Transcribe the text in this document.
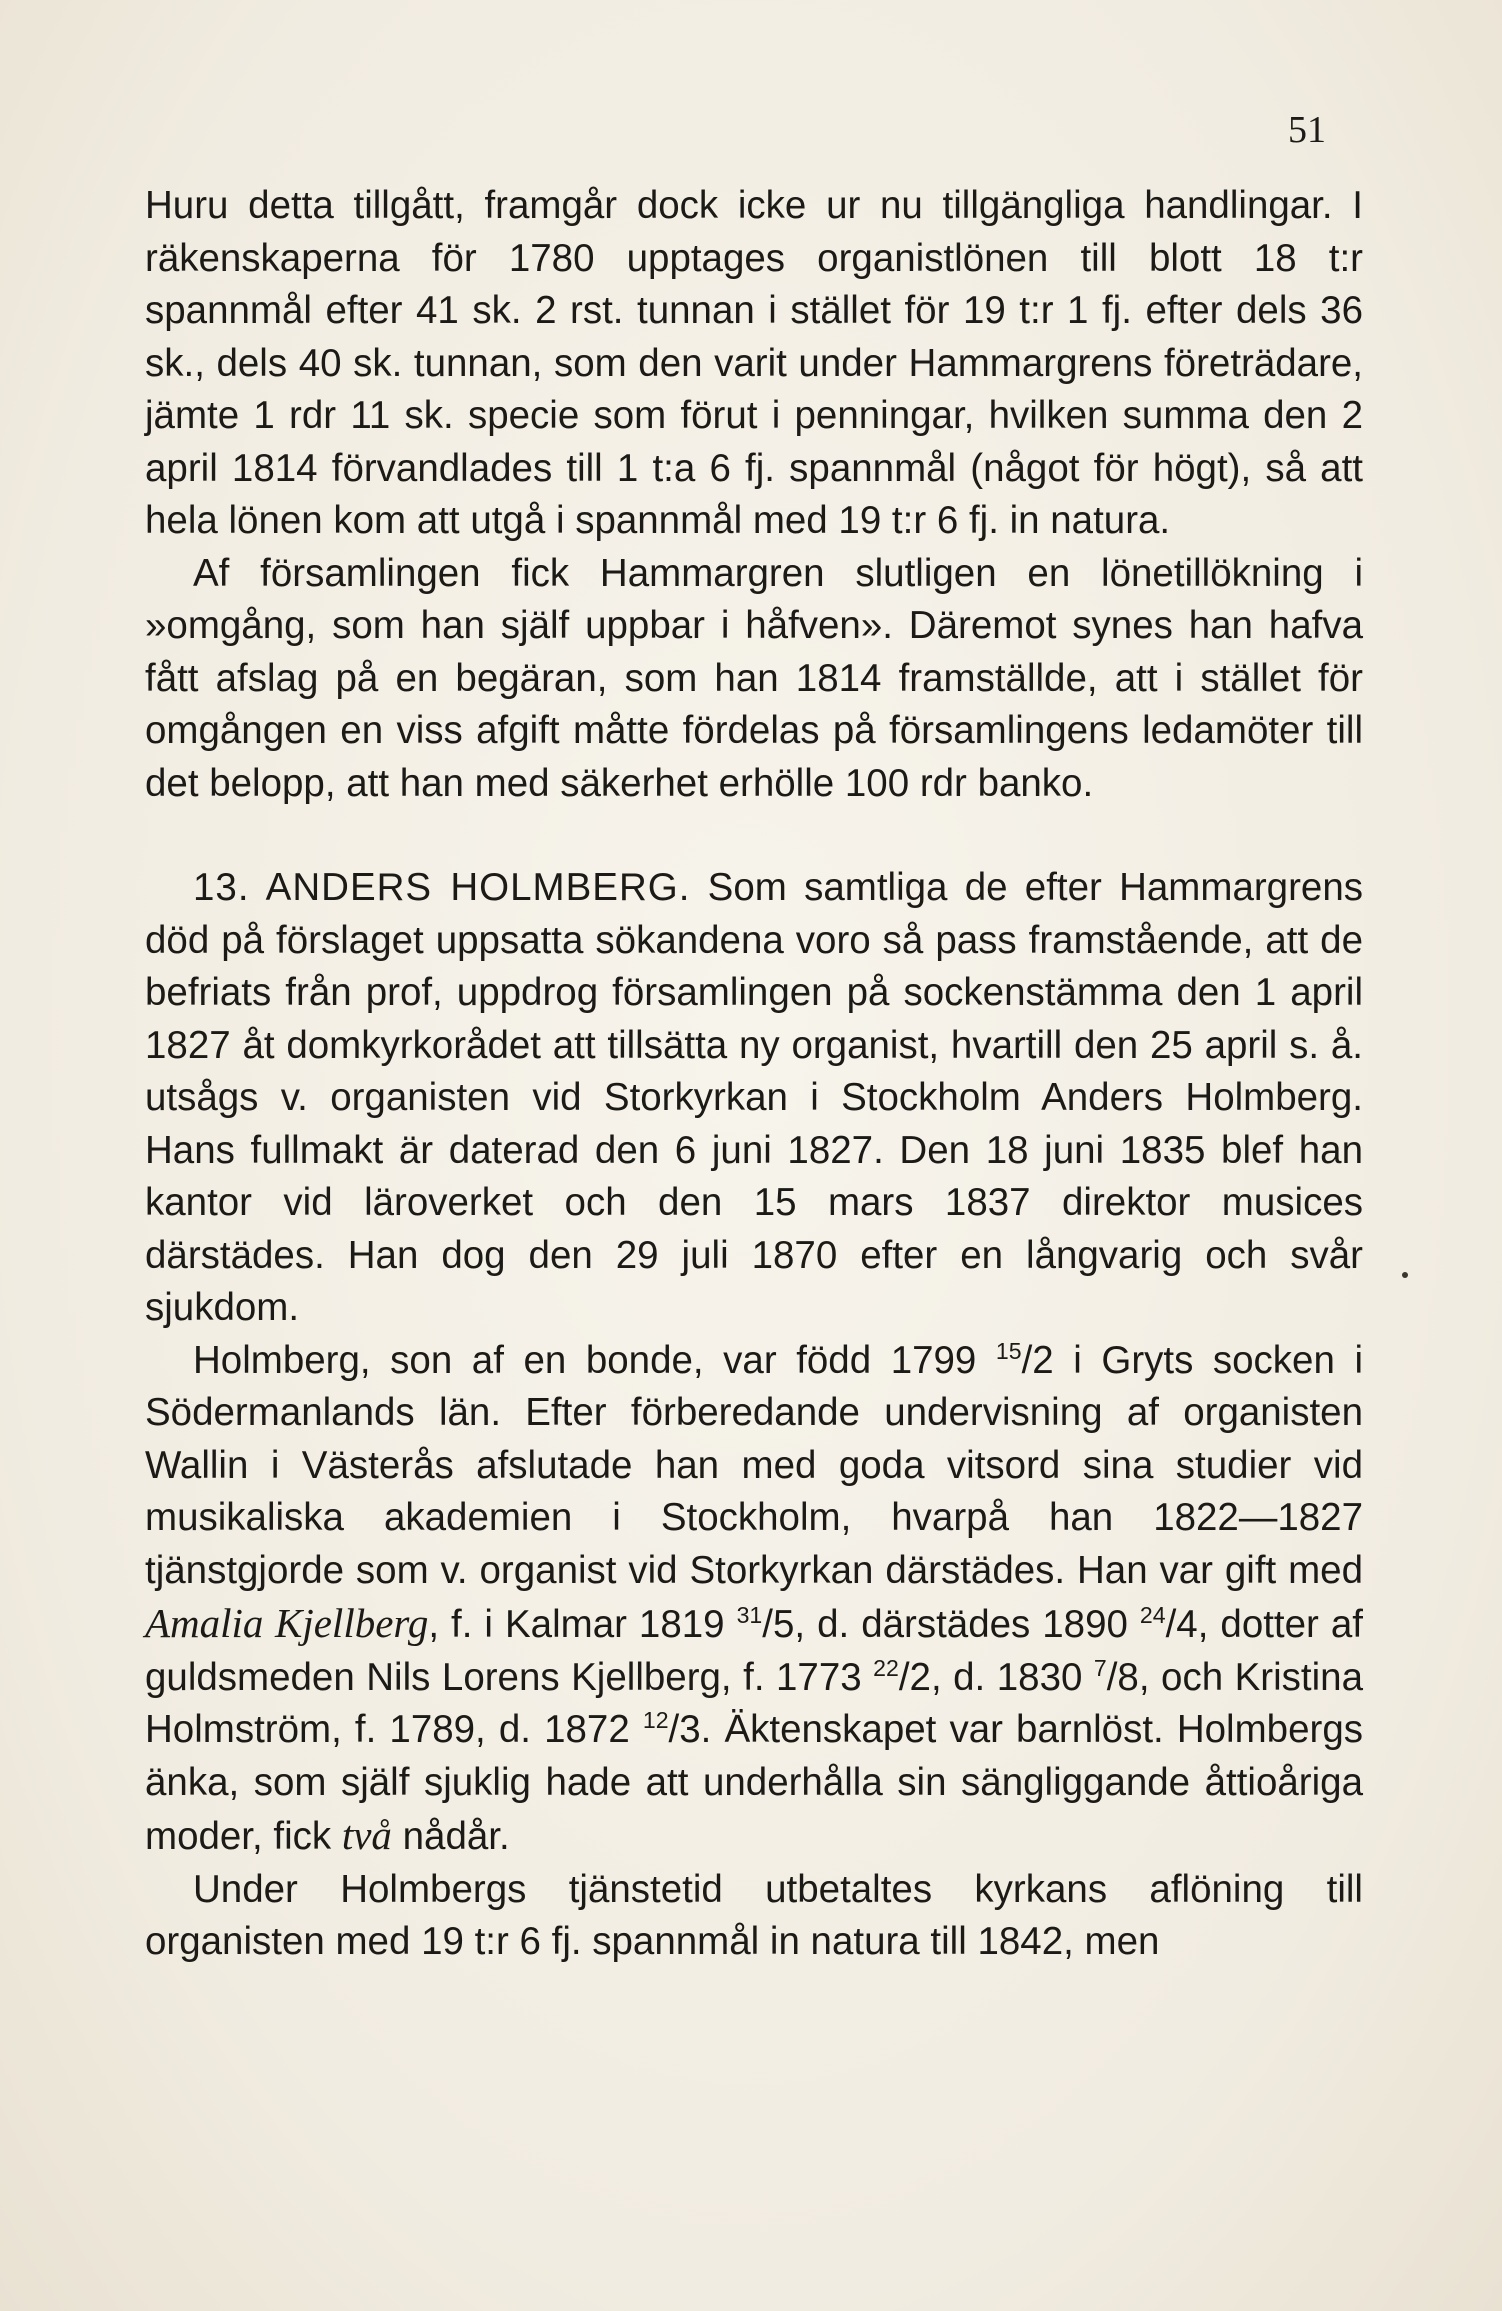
51

Huru detta tillgått, framgår dock icke ur nu tillgängliga handlingar. I räkenskaperna för 1780 upptages organistlönen till blott 18 t:r spannmål efter 41 sk. 2 rst. tunnan i stället för 19 t:r 1 fj. efter dels 36 sk., dels 40 sk. tunnan, som den varit under Hammargrens företrädare, jämte 1 rdr 11 sk. specie som förut i penningar, hvilken summa den 2 april 1814 förvandlades till 1 t:a 6 fj. spannmål (något för högt), så att hela lönen kom att utgå i spannmål med 19 t:r 6 fj. in natura.

Af församlingen fick Hammargren slutligen en lönetillökning i »omgång, som han själf uppbar i håfven». Däremot synes han hafva fått afslag på en begäran, som han 1814 framställde, att i stället för omgången en viss afgift måtte fördelas på församlingens ledamöter till det belopp, att han med säkerhet erhölle 100 rdr banko.

13. ANDERS HOLMBERG. Som samtliga de efter Hammargrens död på förslaget uppsatta sökandena voro så pass framstående, att de befriats från prof, uppdrog församlingen på sockenstämma den 1 april 1827 åt domkyrkorådet att tillsätta ny organist, hvartill den 25 april s. å. utsågs v. organisten vid Storkyrkan i Stockholm Anders Holmberg. Hans fullmakt är daterad den 6 juni 1827. Den 18 juni 1835 blef han kantor vid läroverket och den 15 mars 1837 direktor musices därstädes. Han dog den 29 juli 1870 efter en långvarig och svår sjukdom.

Holmberg, son af en bonde, var född 1799 $^{15}$/2 i Gryts socken i Södermanlands län. Efter förberedande undervisning af organisten Wallin i Västerås afslutade han med goda vitsord sina studier vid musikaliska akademien i Stockholm, hvarpå han 1822—1827 tjänstgjorde som v. organist vid Storkyrkan därstädes. Han var gift med Amalia Kjellberg, f. i Kalmar 1819 $^{31}$/5, d. därstädes 1890 $^{24}$/4, dotter af guldsmeden Nils Lorens Kjellberg, f. 1773 $^{22}$/2, d. 1830 $^7$/8, och Kristina Holmström, f. 1789, d. 1872 $^{12}$/3. Äktenskapet var barnlöst. Holmbergs änka, som själf sjuklig hade att underhålla sin sängliggande åttioåriga moder, fick två nådår.

Under Holmbergs tjänstetid utbetaltes kyrkans aflöning till organisten med 19 t:r 6 fj. spannmål in natura till 1842, men
